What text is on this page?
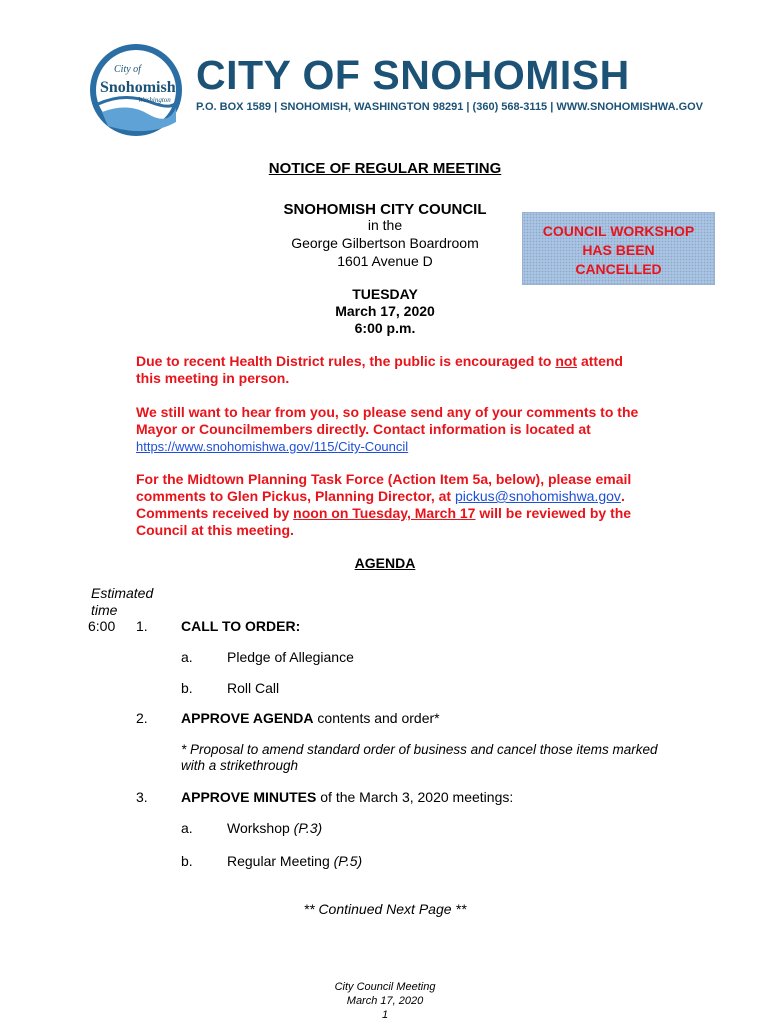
City of
Snohomish
Washington
CITY OF SNOHOMISH
P.O. BOX 1589 | SNOHOMISH, WASHINGTON 98291 | (360) 568-3115 | WWW.SNOHOMISHWA.GOV
NOTICE OF REGULAR MEETING
SNOHOMISH CITY COUNCIL
in the
George Gilbertson Boardroom
1601 Avenue D
COUNCIL WORKSHOP
HAS BEEN
CANCELLED
TUESDAY
March 17, 2020
6:00 p.m.
Due to recent Health District rules, the public is encouraged to not attend
this meeting in person.
We still want to hear from you, so please send any of your comments to the
Mayor or Councilmembers directly. Contact information is located at
https://www.snohomishwa.gov/115/City-Council
For the Midtown Planning Task Force (Action Item 5a, below), please email
comments to Glen Pickus, Planning Director, at pickus@snohomishwa.gov.
Comments received by noon on Tuesday, March 17 will be reviewed by the
Council at this meeting.
AGENDA
Estimated
time
6:00 1. CALL TO ORDER:
a. Pledge of Allegiance
b. Roll Call
2. APPROVE AGENDA contents and order*
* Proposal to amend standard order of business and cancel those items marked
with a strikethrough
3. APPROVE MINUTES of the March 3, 2020 meetings:
a. Workshop (P.3)
b. Regular Meeting (P.5)
** Continued Next Page **
City Council Meeting
March 17, 2020
1
